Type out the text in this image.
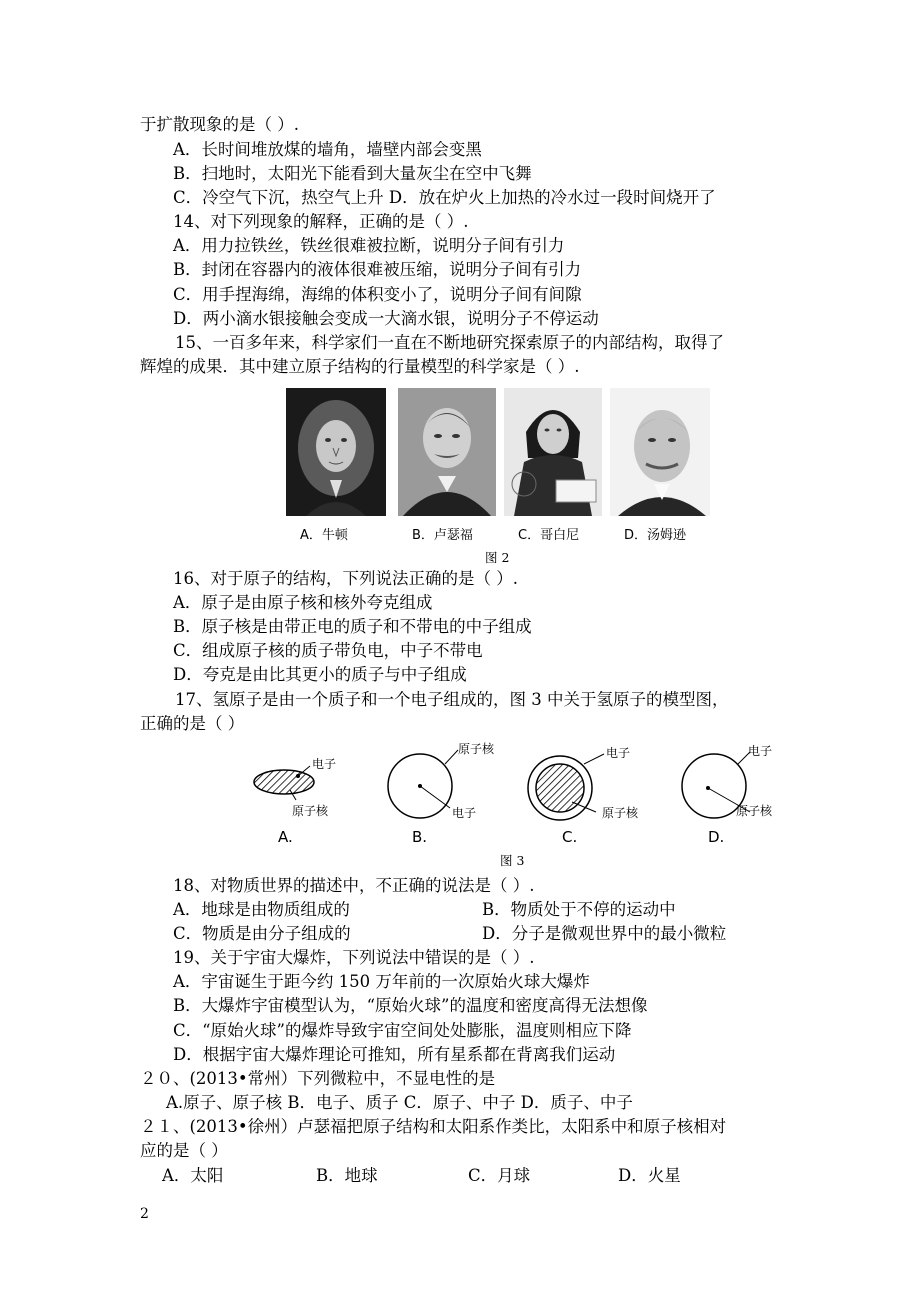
于扩散现象的是（ ）.
A．长时间堆放煤的墙角，墙壁内部会变黑
B．扫地时，太阳光下能看到大量灰尘在空中飞舞
C．冷空气下沉，热空气上升 D．放在炉火上加热的冷水过一段时间烧开了
14、对下列现象的解释，正确的是（ ）.
A．用力拉铁丝，铁丝很难被拉断，说明分子间有引力
B．封闭在容器内的液体很难被压缩，说明分子间有引力
C．用手捏海绵，海绵的体积变小了，说明分子间有间隙
D．两小滴水银接触会变成一大滴水银，说明分子不停运动
15、一百多年来，科学家们一直在不断地研究探索原子的内部结构，取得了
辉煌的成果．其中建立原子结构的行量模型的科学家是（ ）.
A．牛顿	B．卢瑟福	C．哥白尼	D．汤姆逊
图 2
16、对于原子的结构，下列说法正确的是（ ）.
A．原子是由原子核和核外夸克组成
B．原子核是由带正电的质子和不带电的中子组成
C．组成原子核的质子带负电，中子不带电
D．夸克是由比其更小的质子与中子组成
17、氢原子是由一个质子和一个电子组成的，图 3 中关于氢原子的模型图，
正确的是（ ）
电子
原子核
原子核
电子
电子
原子核
电子
原子核
A.	B.	C.	D.
图 3
18、对物质世界的描述中，不正确的说法是（ ）.
A．地球是由物质组成的	B．物质处于不停的运动中
C．物质是由分子组成的	D．分子是微观世界中的最小微粒
19、关于宇宙大爆炸，下列说法中错误的是（ ）.
A．宇宙诞生于距今约 150 万年前的一次原始火球大爆炸
B．大爆炸宇宙模型认为，“原始火球”的温度和密度高得无法想像
C．“原始火球”的爆炸导致宇宙空间处处膨胀，温度则相应下降
D．根据宇宙大爆炸理论可推知，所有星系都在背离我们运动
２０、(2013•常州）下列微粒中，不显电性的是
A.原子、原子核 B．电子、质子 C．原子、中子 D．质子、中子
２１、(2013•徐州）卢瑟福把原子结构和太阳系作类比，太阳系中和原子核相对
应的是（ ）
A．太阳	B．地球	C．月球	D．火星
2
